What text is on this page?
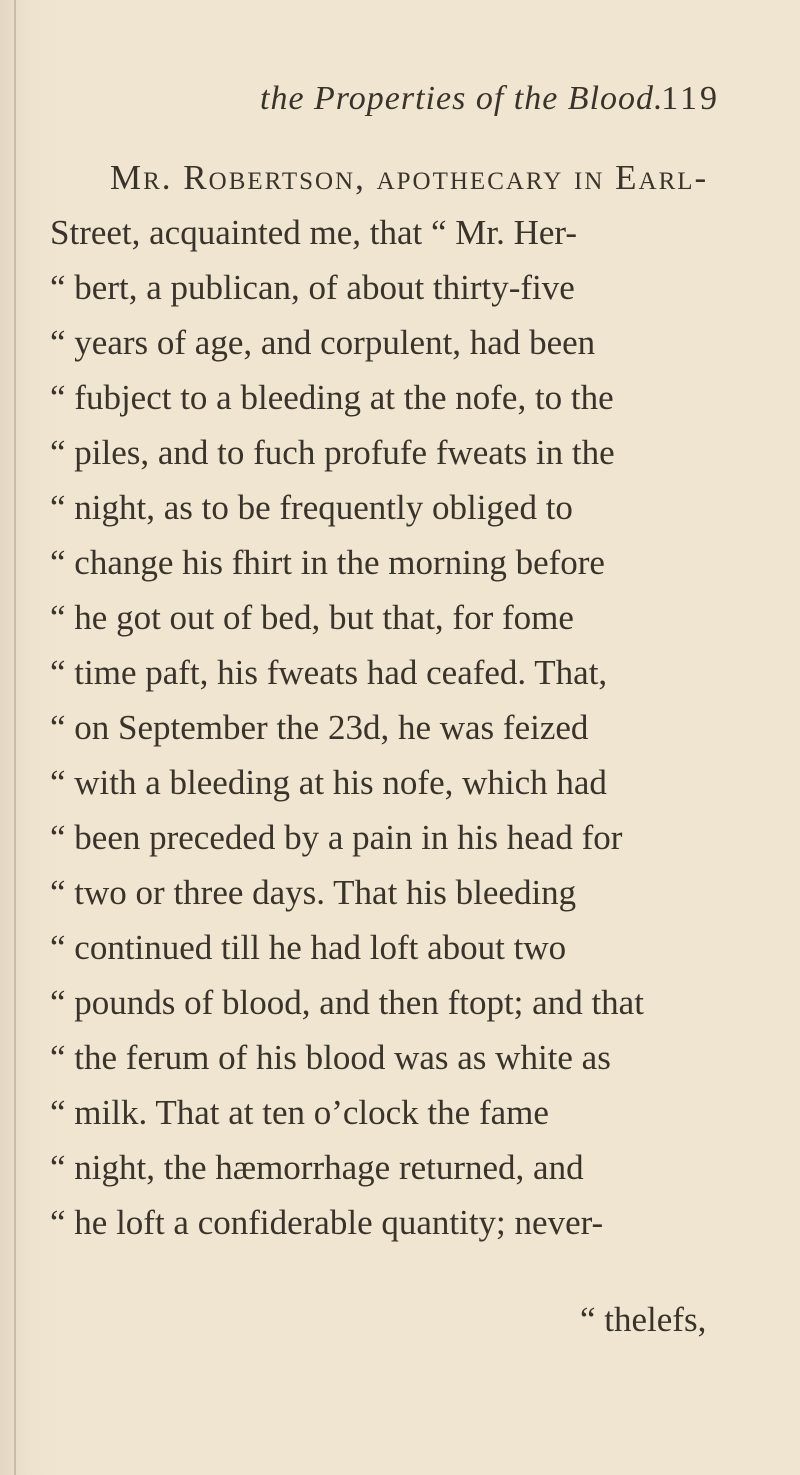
the Properties of the Blood.
119
Mr. Robertson, apothecary in Earl-
Street, acquainted me, that “ Mr. Her-
“ bert, a publican, of about thirty-five
“ years of age, and corpulent, had been
“ fubject to a bleeding at the nofe, to the
“ piles, and to fuch profufe fweats in the
“ night, as to be frequently obliged to
“ change his fhirt in the morning before
“ he got out of bed, but that, for fome
“ time paft, his fweats had ceafed. That,
“ on September the 23d, he was feized
“ with a bleeding at his nofe, which had
“ been preceded by a pain in his head for
“ two or three days. That his bleeding
“ continued till he had loft about two
“ pounds of blood, and then ftopt; and that
“ the ferum of his blood was as white as
“ milk. That at ten o’clock the fame
“ night, the hæmorrhage returned, and
“ he loft a confiderable quantity; never-
“ thelefs,
